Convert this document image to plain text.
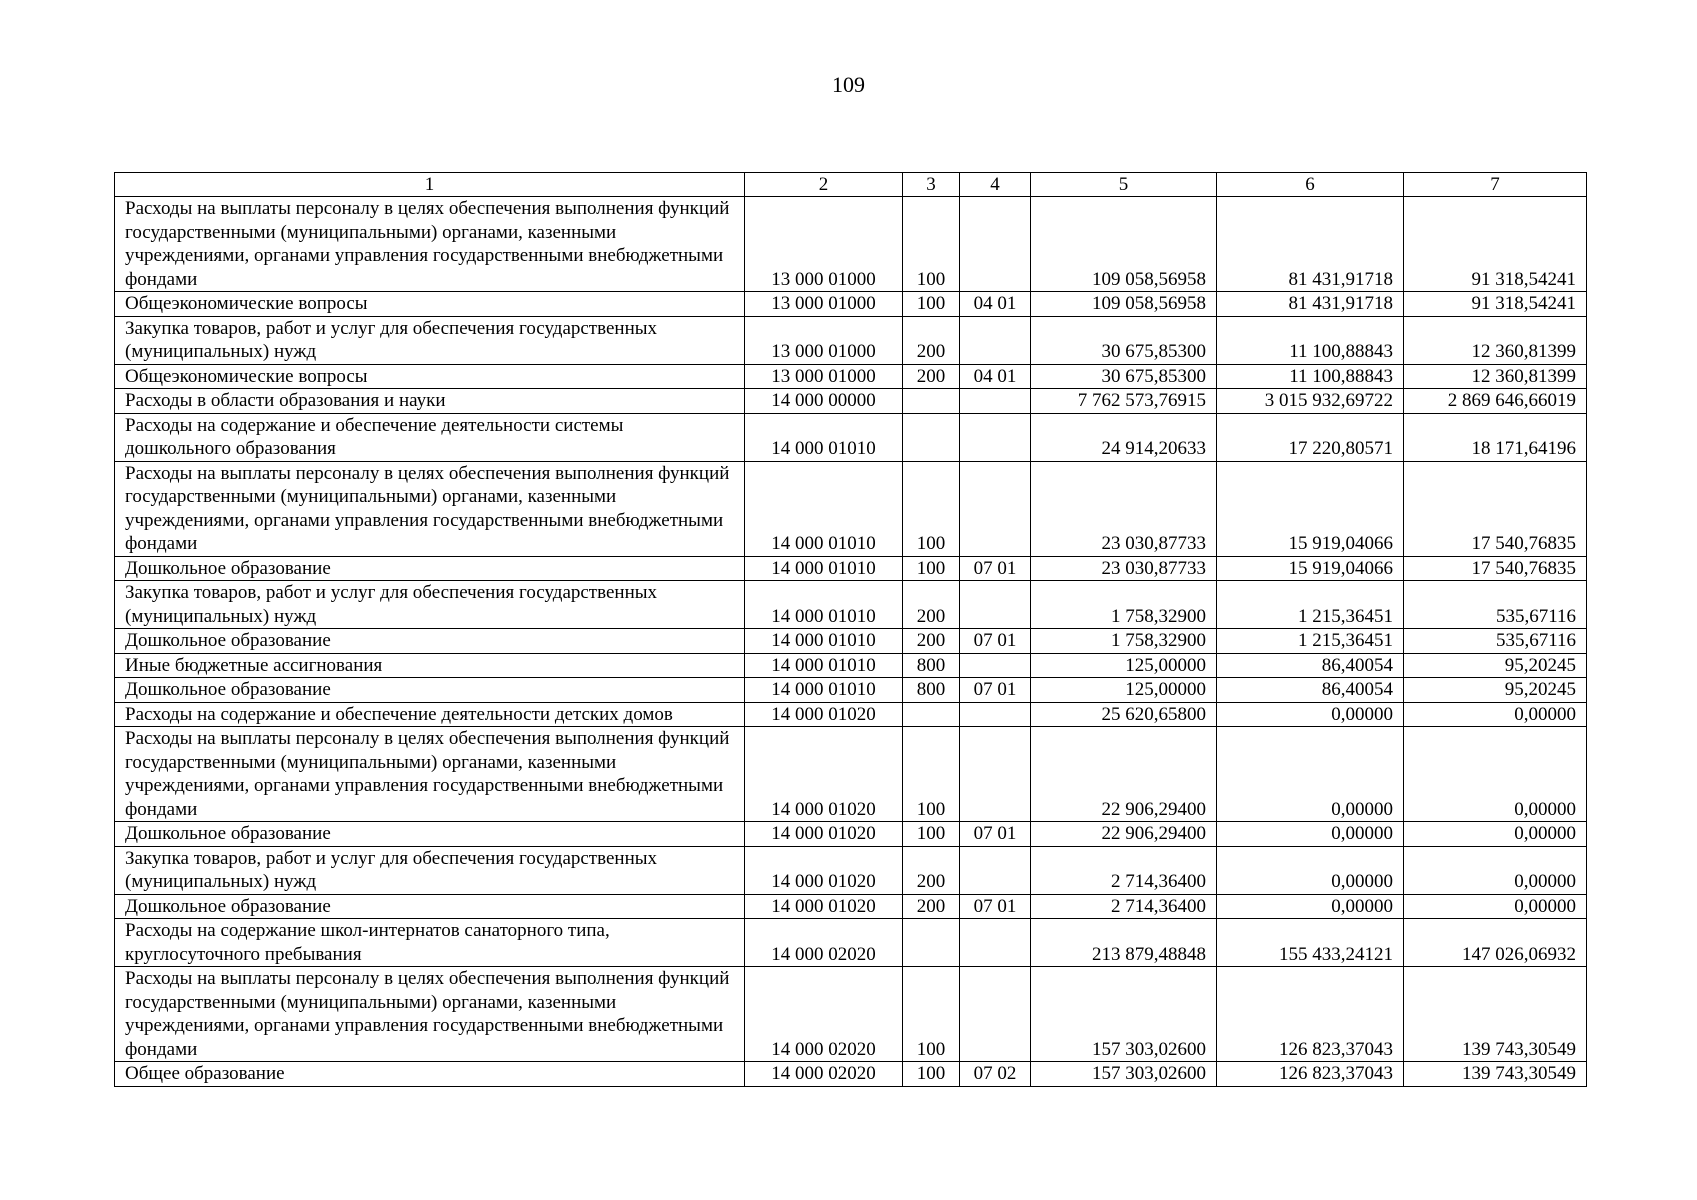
109
1	2	3	4	5	6	7
Расходы на выплаты персоналу в целях обеспечения выполнения функций государственными (муниципальными) органами, казенными учреждениями, органами управления государственными внебюджетными фондами	13 000 01000	100		109 058,56958	81 431,91718	91 318,54241
Общеэкономические вопросы	13 000 01000	100	04 01	109 058,56958	81 431,91718	91 318,54241
Закупка товаров, работ и услуг для обеспечения государственных (муниципальных) нужд	13 000 01000	200		30 675,85300	11 100,88843	12 360,81399
Общеэкономические вопросы	13 000 01000	200	04 01	30 675,85300	11 100,88843	12 360,81399
Расходы в области образования и науки	14 000 00000			7 762 573,76915	3 015 932,69722	2 869 646,66019
Расходы на содержание и обеспечение деятельности системы дошкольного образования	14 000 01010			24 914,20633	17 220,80571	18 171,64196
Расходы на выплаты персоналу в целях обеспечения выполнения функций государственными (муниципальными) органами, казенными учреждениями, органами управления государственными внебюджетными фондами	14 000 01010	100		23 030,87733	15 919,04066	17 540,76835
Дошкольное образование	14 000 01010	100	07 01	23 030,87733	15 919,04066	17 540,76835
Закупка товаров, работ и услуг для обеспечения государственных (муниципальных) нужд	14 000 01010	200		1 758,32900	1 215,36451	535,67116
Дошкольное образование	14 000 01010	200	07 01	1 758,32900	1 215,36451	535,67116
Иные бюджетные ассигнования	14 000 01010	800		125,00000	86,40054	95,20245
Дошкольное образование	14 000 01010	800	07 01	125,00000	86,40054	95,20245
Расходы на содержание и обеспечение деятельности детских домов	14 000 01020			25 620,65800	0,00000	0,00000
Расходы на выплаты персоналу в целях обеспечения выполнения функций государственными (муниципальными) органами, казенными учреждениями, органами управления государственными внебюджетными фондами	14 000 01020	100		22 906,29400	0,00000	0,00000
Дошкольное образование	14 000 01020	100	07 01	22 906,29400	0,00000	0,00000
Закупка товаров, работ и услуг для обеспечения государственных (муниципальных) нужд	14 000 01020	200		2 714,36400	0,00000	0,00000
Дошкольное образование	14 000 01020	200	07 01	2 714,36400	0,00000	0,00000
Расходы на содержание школ-интернатов санаторного типа, круглосуточного пребывания	14 000 02020			213 879,48848	155 433,24121	147 026,06932
Расходы на выплаты персоналу в целях обеспечения выполнения функций государственными (муниципальными) органами, казенными учреждениями, органами управления государственными внебюджетными фондами	14 000 02020	100		157 303,02600	126 823,37043	139 743,30549
Общее образование	14 000 02020	100	07 02	157 303,02600	126 823,37043	139 743,30549
